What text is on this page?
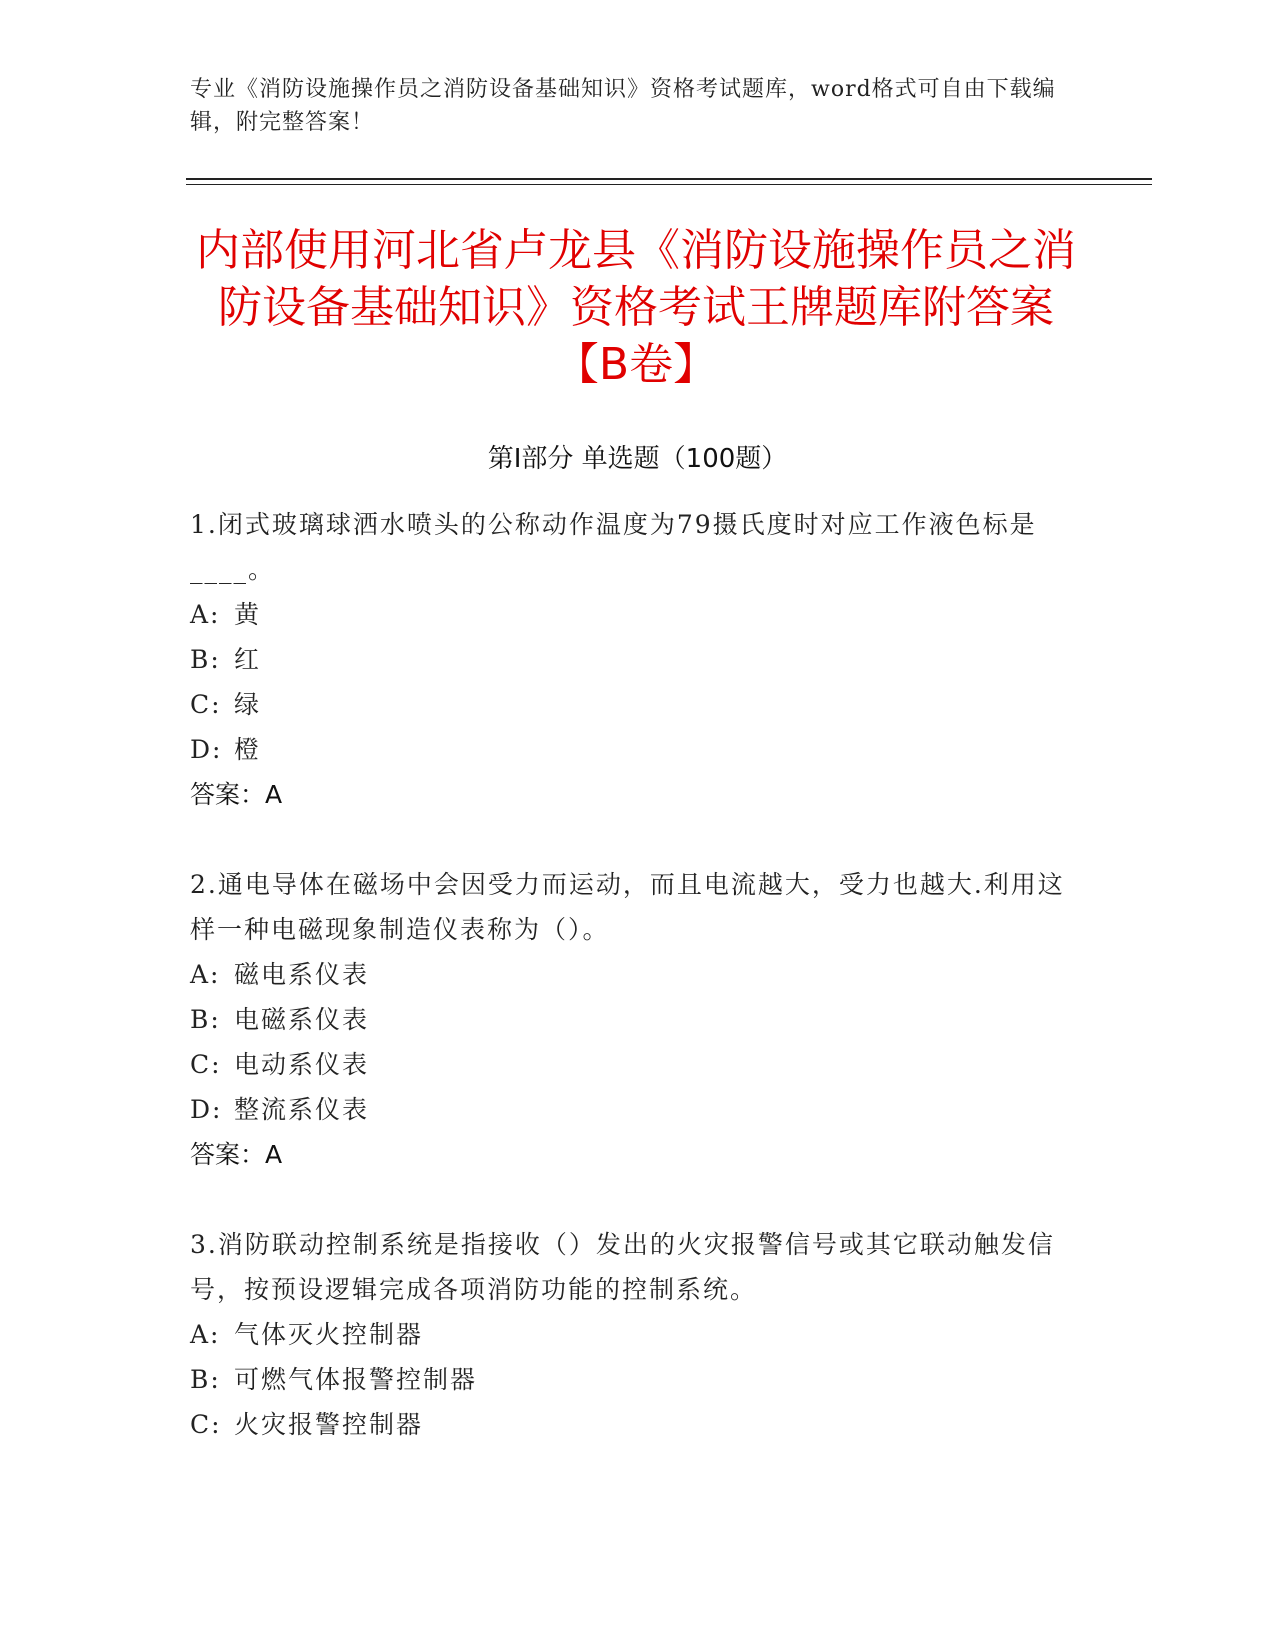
专业《消防设施操作员之消防设备基础知识》资格考试题库，word格式可自由下载编辑，附完整答案！
内部使用河北省卢龙县《消防设施操作员之消防设备基础知识》资格考试王牌题库附答案【B卷】
第I部分 单选题（100题）
1.闭式玻璃球洒水喷头的公称动作温度为79摄氏度时对应工作液色标是____。
A: 黄
B: 红
C: 绿
D: 橙
答案：A
2.通电导体在磁场中会因受力而运动，而且电流越大，受力也越大.利用这样一种电磁现象制造仪表称为（）。
A: 磁电系仪表
B: 电磁系仪表
C: 电动系仪表
D: 整流系仪表
答案：A
3.消防联动控制系统是指接收（）发出的火灾报警信号或其它联动触发信号，按预设逻辑完成各项消防功能的控制系统。
A: 气体灭火控制器
B: 可燃气体报警控制器
C: 火灾报警控制器
